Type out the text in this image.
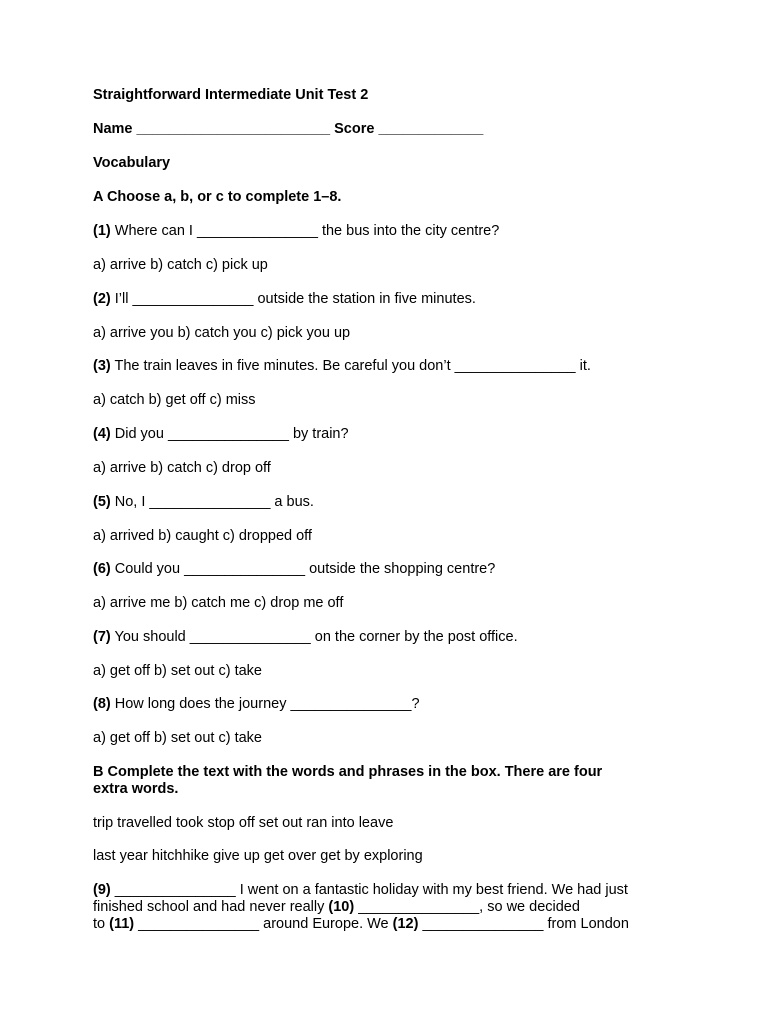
Straightforward Intermediate Unit Test 2
Name ________________________ Score _____________
Vocabulary
A Choose a, b, or c to complete 1–8.
(1) Where can I _______________ the bus into the city centre?
a) arrive b) catch c) pick up
(2) I’ll _______________ outside the station in five minutes.
a) arrive you b) catch you c) pick you up
(3) The train leaves in five minutes. Be careful you don’t _______________ it.
a) catch b) get off c) miss
(4) Did you _______________ by train?
a) arrive b) catch c) drop off
(5) No, I _______________ a bus.
a) arrived b) caught c) dropped off
(6) Could you _______________ outside the shopping centre?
a) arrive me b) catch me c) drop me off
(7) You should _______________ on the corner by the post office.
a) get off b) set out c) take
(8) How long does the journey _______________?
a) get off b) set out c) take
B Complete the text with the words and phrases in the box. There are four
extra words.
trip travelled took stop off set out ran into leave
last year hitchhike give up get over get by exploring
(9) _______________ I went on a fantastic holiday with my best friend. We had just
finished school and had never really (10) _______________, so we decided
to (11) _______________ around Europe. We (12) _______________ from London
